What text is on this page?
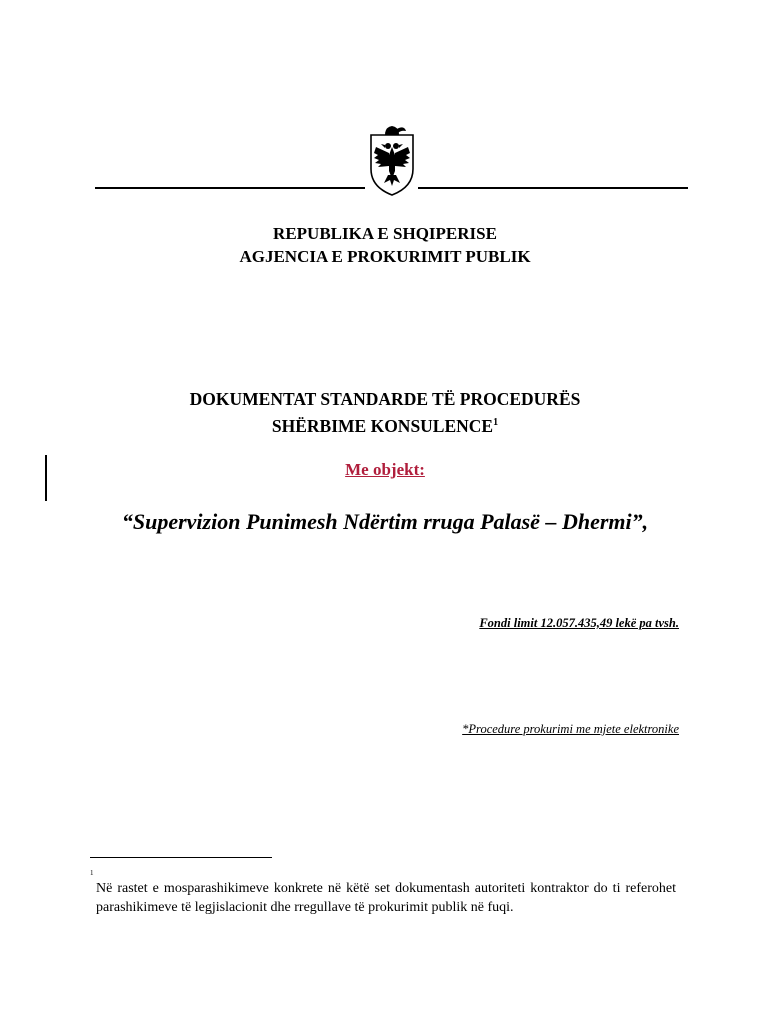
REPUBLIKA E SHQIPERISE
AGJENCIA E PROKURIMIT PUBLIK
DOKUMENTAT STANDARDE TË PROCEDURËS
SHËRBIME KONSULENCE$^1$
Me objekt:
“Supervizion Punimesh Ndërtim rruga Palasë – Dhermi”,
Fondi limit 12.057.435,49 lekë pa tvsh.
*Procedure prokurimi me mjete elektronike
1
Në rastet e mosparashikimeve konkrete në këtë set dokumentash autoriteti kontraktor do ti referohet parashikimeve të legjislacionit dhe rregullave të prokurimit publik në fuqi.
